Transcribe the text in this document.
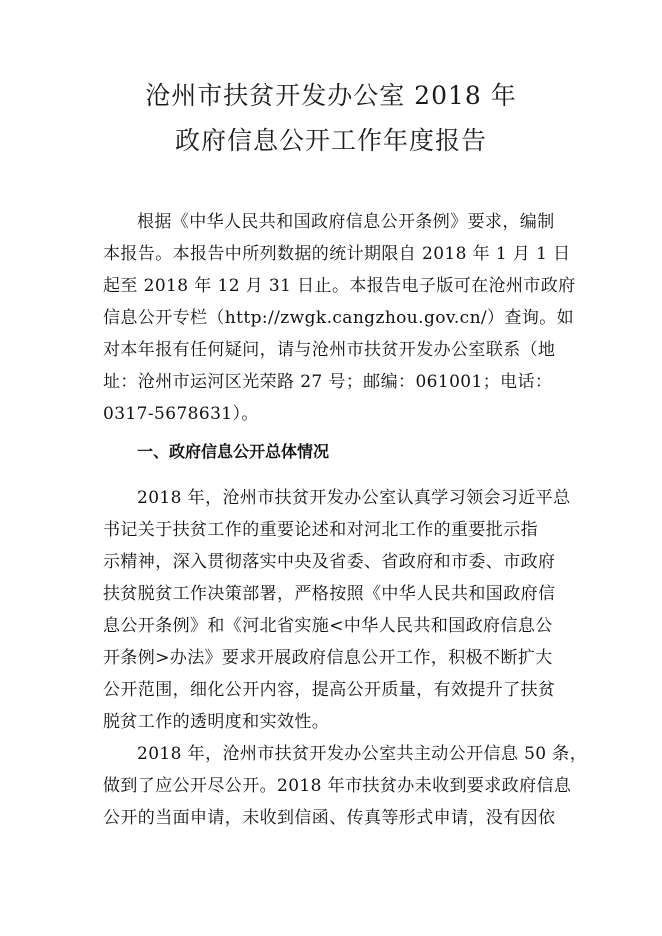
沧州市扶贫开发办公室 2018 年
政府信息公开工作年度报告
根据《中华人民共和国政府信息公开条例》要求，编制
本报告。本报告中所列数据的统计期限自 2018 年 1 月 1 日
起至 2018 年 12 月 31 日止。本报告电子版可在沧州市政府
信息公开专栏（http://zwgk.cangzhou.gov.cn/）查询。如
对本年报有任何疑问，请与沧州市扶贫开发办公室联系（地
址：沧州市运河区光荣路 27 号；邮编：061001；电话：
0317-5678631）。
一、政府信息公开总体情况
2018 年，沧州市扶贫开发办公室认真学习领会习近平总
书记关于扶贫工作的重要论述和对河北工作的重要批示指
示精神，深入贯彻落实中央及省委、省政府和市委、市政府
扶贫脱贫工作决策部署，严格按照《中华人民共和国政府信
息公开条例》和《河北省实施<中华人民共和国政府信息公
开条例>办法》要求开展政府信息公开工作，积极不断扩大
公开范围，细化公开内容，提高公开质量，有效提升了扶贫
脱贫工作的透明度和实效性。
2018 年，沧州市扶贫开发办公室共主动公开信息 50 条，
做到了应公开尽公开。2018 年市扶贫办未收到要求政府信息
公开的当面申请，未收到信函、传真等形式申请，没有因依
